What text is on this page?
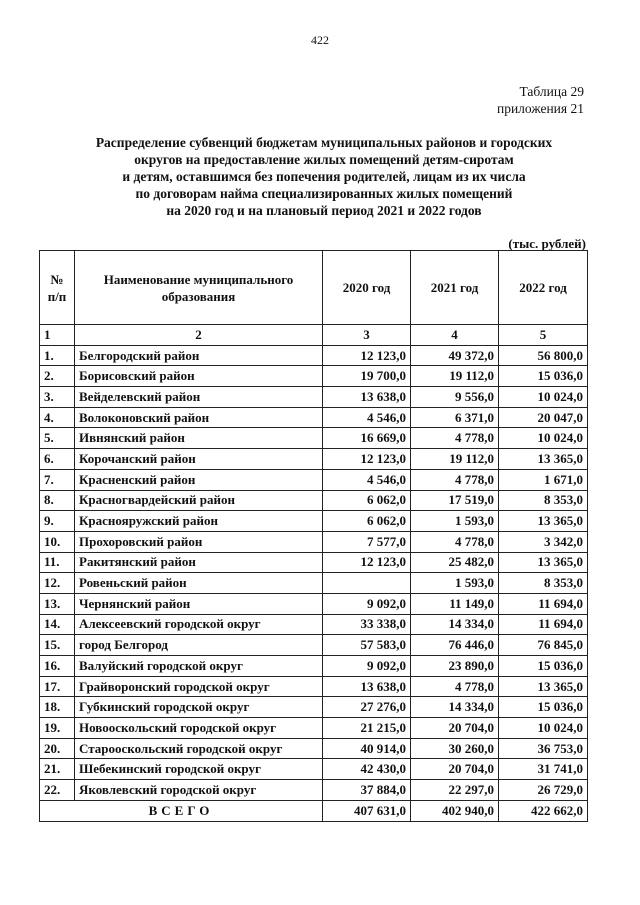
422
Таблица 29
приложения 21
Распределение субвенций бюджетам муниципальных районов и городских
округов на предоставление жилых помещений детям-сиротам
и детям, оставшимся без попечения родителей, лицам из их числа
по договорам найма специализированных жилых помещений
на 2020 год и на плановый период 2021 и 2022 годов
(тыс. рублей)
№ п/п	Наименование муниципального образования	2020 год	2021 год	2022 год
1	2	3	4	5
1.	Белгородский район	12 123,0	49 372,0	56 800,0
2.	Борисовский район	19 700,0	19 112,0	15 036,0
3.	Вейделевский район	13 638,0	9 556,0	10 024,0
4.	Волоконовский район	4 546,0	6 371,0	20 047,0
5.	Ивнянский район	16 669,0	4 778,0	10 024,0
6.	Корочанский район	12 123,0	19 112,0	13 365,0
7.	Красненский район	4 546,0	4 778,0	1 671,0
8.	Красногвардейский район	6 062,0	17 519,0	8 353,0
9.	Краснояружский район	6 062,0	1 593,0	13 365,0
10.	Прохоровский район	7 577,0	4 778,0	3 342,0
11.	Ракитянский район	12 123,0	25 482,0	13 365,0
12.	Ровеньский район		1 593,0	8 353,0
13.	Чернянский район	9 092,0	11 149,0	11 694,0
14.	Алексеевский городской округ	33 338,0	14 334,0	11 694,0
15.	город Белгород	57 583,0	76 446,0	76 845,0
16.	Валуйский городской округ	9 092,0	23 890,0	15 036,0
17.	Грайворонский городской округ	13 638,0	4 778,0	13 365,0
18.	Губкинский городской округ	27 276,0	14 334,0	15 036,0
19.	Новооскольский городской округ	21 215,0	20 704,0	10 024,0
20.	Старооскольский городской округ	40 914,0	30 260,0	36 753,0
21.	Шебекинский городской округ	42 430,0	20 704,0	31 741,0
22.	Яковлевский городской округ	37 884,0	22 297,0	26 729,0
ВСЕГО		407 631,0	402 940,0	422 662,0
